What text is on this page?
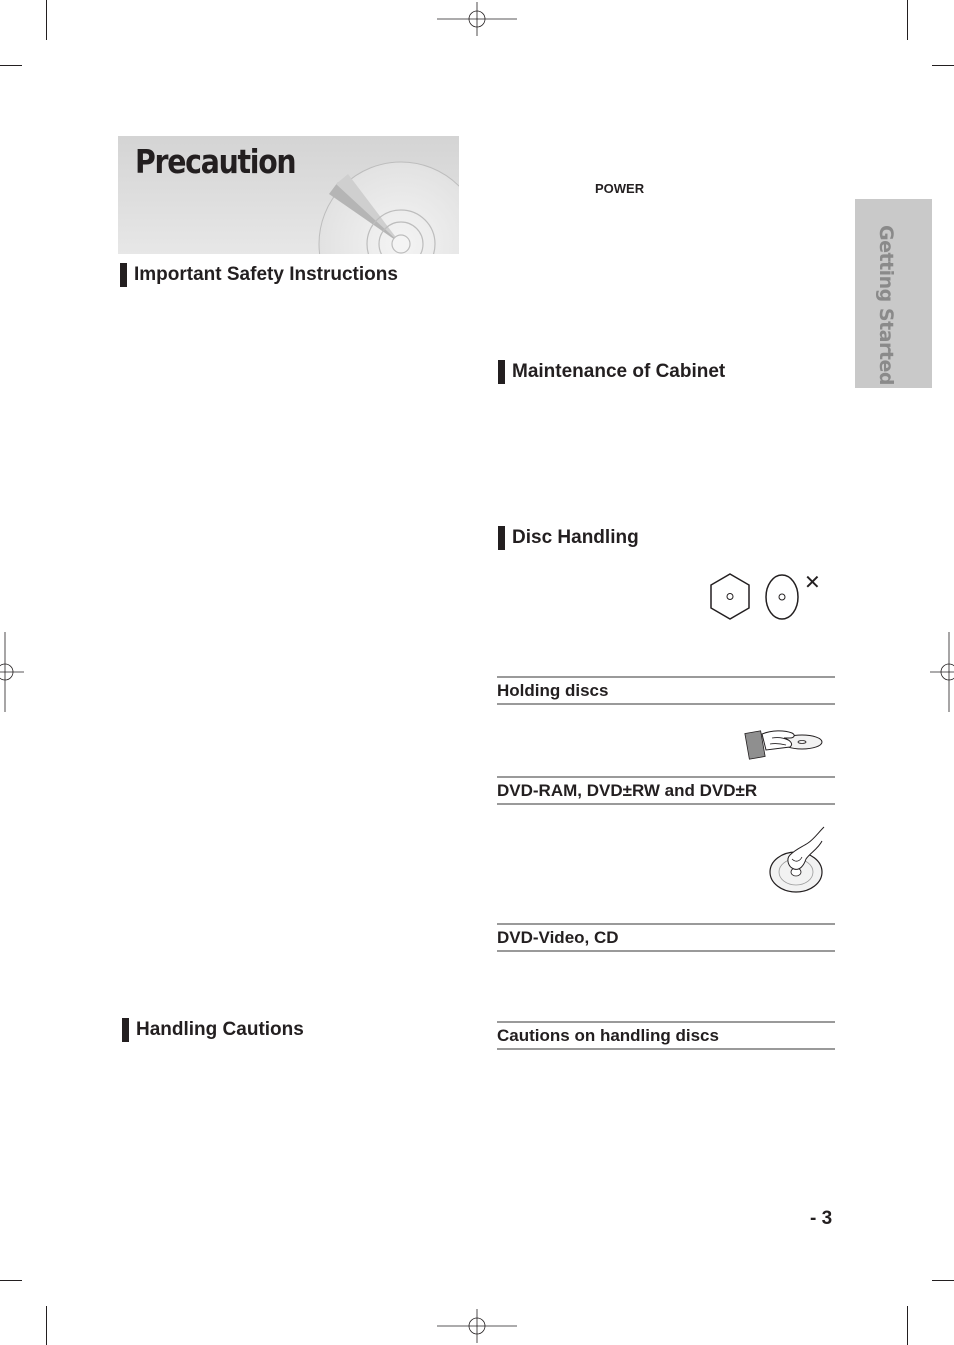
Precaution
Getting Started
Important Safety Instructions
Handling Cautions
POWER
Maintenance of Cabinet
Disc Handling
✕
Holding discs
DVD-RAM, DVD±RW and DVD±R
DVD-Video, CD
Cautions on handling discs
- 3
